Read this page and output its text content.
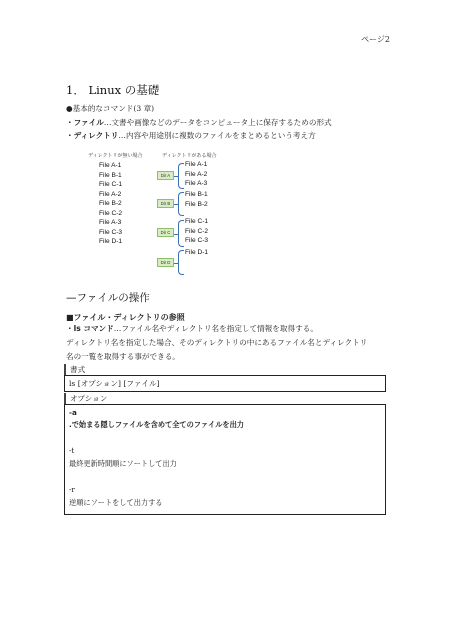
ページ2
1． Linux の基礎
●基本的なコマンド(3 章)
・ファイル…文書や画像などのデータをコンピュータ上に保存するための形式
・ディレクトリ…内容や用途別に複数のファイルをまとめるという考え方
ディレクトリが無い場合	ディレクトリがある場合
File A-1
File B-1
File C-1
File A-2
File B-2
File C-2
File A-3
File C-3
File D-1
Dir A
File A-1
File A-2
File A-3
Dir B
File B-1
File B-2
Dir C
File C-1
File C-2
File C-3
Dir D
File D-1
—ファイルの操作
■ファイル・ディレクトリの参照
・ls コマンド…ファイル名やディレクトリ名を指定して情報を取得する。
ディレクトリ名を指定した場合、そのディレクトリの中にあるファイル名とディレクトリ
名の一覧を取得する事ができる。
書式
ls [オプション] [ファイル]
オプション
-a
.で始まる隠しファイルを含めて全てのファイルを出力
-t
最終更新時間順にソートして出力
-r
逆順にソートをして出力する
